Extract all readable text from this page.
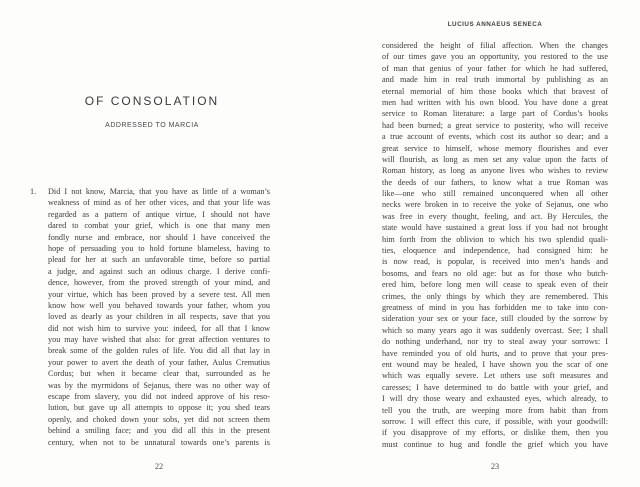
OF CONSOLATION
ADDRESSED TO MARCIA
1. Did I not know, Marcia, that you have as little of a woman’s
weakness of mind as of her other vices, and that your life was
regarded as a pattern of antique virtue, I should not have
dared to combat your grief, which is one that many men
fondly nurse and embrace, nor should I have conceived the
hope of persuading you to hold fortune blameless, having to
plead for her at such an unfavorable time, before so partial
a judge, and against such an odious charge. I derive confi-
dence, however, from the proved strength of your mind, and
your virtue, which has been proved by a severe test. All men
know how well you behaved towards your father, whom you
loved as dearly as your children in all respects, save that you
did not wish him to survive you: indeed, for all that I know
you may have wished that also: for great affection ventures to
break some of the golden rules of life. You did all that lay in
your power to avert the death of your father, Aulus Cremutius
Cordus; but when it became clear that, surrounded as he
was by the myrmidons of Sejanus, there was no other way of
escape from slavery, you did not indeed approve of his reso-
lution, but gave up all attempts to oppose it; you shed tears
openly, and choked down your sobs, yet did not screen them
behind a smiling face; and you did all this in the present
century, when not to be unnatural towards one’s parents is
22
LUCIUS ANNAEUS SENECA
considered the height of filial affection. When the changes
of our times gave you an opportunity, you restored to the use
of man that genius of your father for which he had suffered,
and made him in real truth immortal by publishing as an
eternal memorial of him those books which that bravest of
men had written with his own blood. You have done a great
service to Roman literature: a large part of Cordus’s books
had been burned; a great service to posterity, who will receive
a true account of events, which cost its author so dear; and a
great service to himself, whose memory flourishes and ever
will flourish, as long as men set any value upon the facts of
Roman history, as long as anyone lives who wishes to review
the deeds of our fathers, to know what a true Roman was
like—one who still remained unconquered when all other
necks were broken in to receive the yoke of Sejanus, one who
was free in every thought, feeling, and act. By Hercules, the
state would have sustained a great loss if you had not brought
him forth from the oblivion to which his two splendid quali-
ties, eloquence and independence, had consigned him: he
is now read, is popular, is received into men’s hands and
bosoms, and fears no old age: but as for those who butch-
ered him, before long men will cease to speak even of their
crimes, the only things by which they are remembered. This
greatness of mind in you has forbidden me to take into con-
sideration your sex or your face, still clouded by the sorrow by
which so many years ago it was suddenly overcast. See; I shall
do nothing underhand, nor try to steal away your sorrows: I
have reminded you of old hurts, and to prove that your pres-
ent wound may be healed, I have shown you the scar of one
which was equally severe. Let others use soft measures and
caresses; I have determined to do battle with your grief, and
I will dry those weary and exhausted eyes, which already, to
tell you the truth, are weeping more from habit than from
sorrow. I will effect this cure, if possible, with your goodwill:
if you disapprove of my efforts, or dislike them, then you
must continue to hug and fondle the grief which you have
23
